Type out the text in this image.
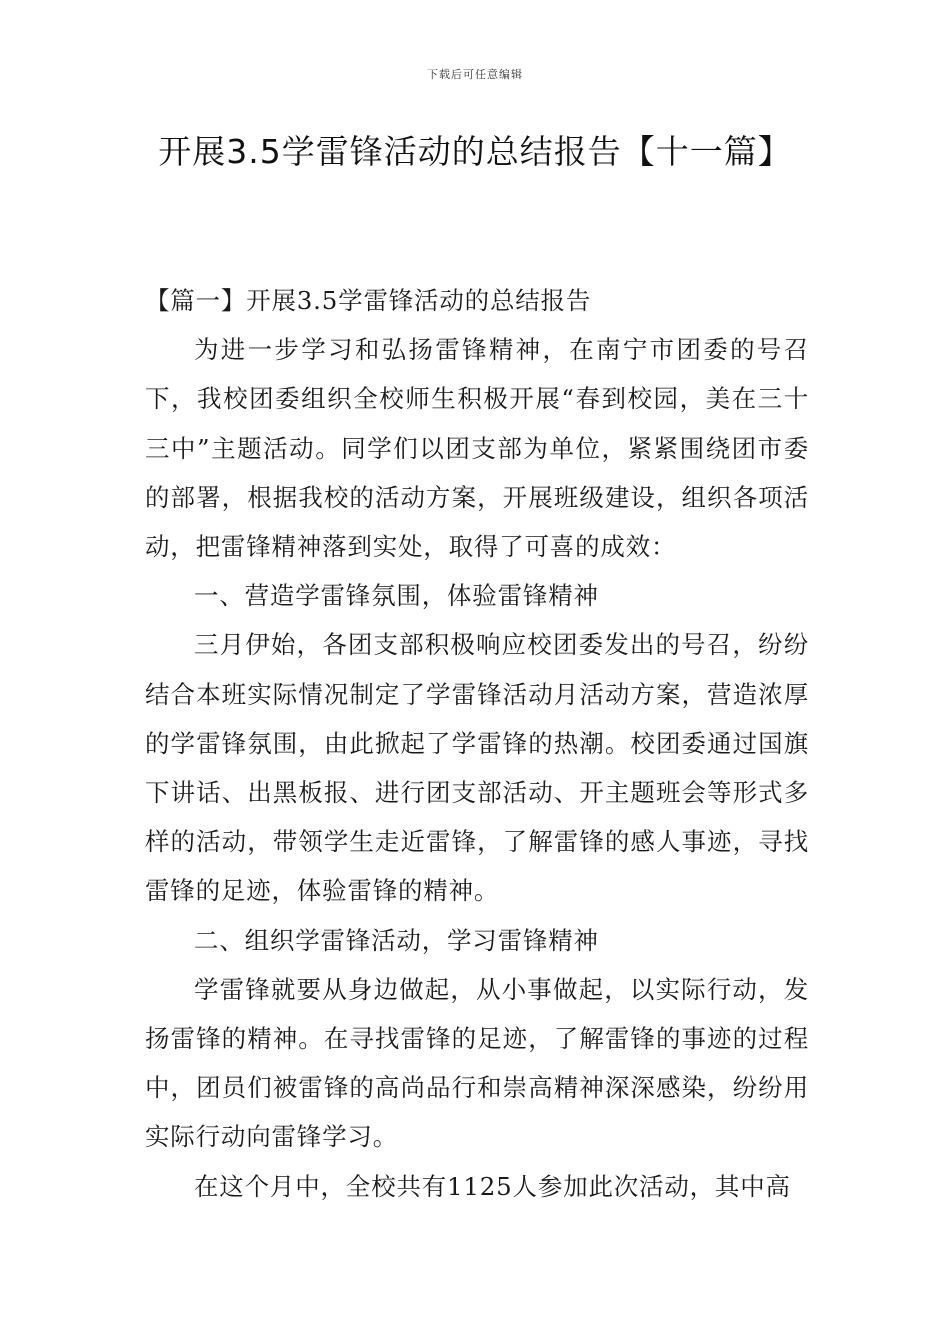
下载后可任意编辑
开展3.5学雷锋活动的总结报告【十一篇】

【篇一】开展3.5学雷锋活动的总结报告

为进一步学习和弘扬雷锋精神，在南宁市团委的号召下，我校团委组织全校师生积极开展“春到校园，美在三十三中”主题活动。同学们以团支部为单位，紧紧围绕团市委的部署，根据我校的活动方案，开展班级建设，组织各项活动，把雷锋精神落到实处，取得了可喜的成效：

一、营造学雷锋氛围，体验雷锋精神

三月伊始，各团支部积极响应校团委发出的号召，纷纷结合本班实际情况制定了学雷锋活动月活动方案，营造浓厚的学雷锋氛围，由此掀起了学雷锋的热潮。校团委通过国旗下讲话、出黑板报、进行团支部活动、开主题班会等形式多样的活动，带领学生走近雷锋，了解雷锋的感人事迹，寻找雷锋的足迹，体验雷锋的精神。

二、组织学雷锋活动，学习雷锋精神

学雷锋就要从身边做起，从小事做起，以实际行动，发扬雷锋的精神。在寻找雷锋的足迹，了解雷锋的事迹的过程中，团员们被雷锋的高尚品行和崇高精神深深感染，纷纷用实际行动向雷锋学习。

在这个月中，全校共有1125人参加此次活动，其中高
